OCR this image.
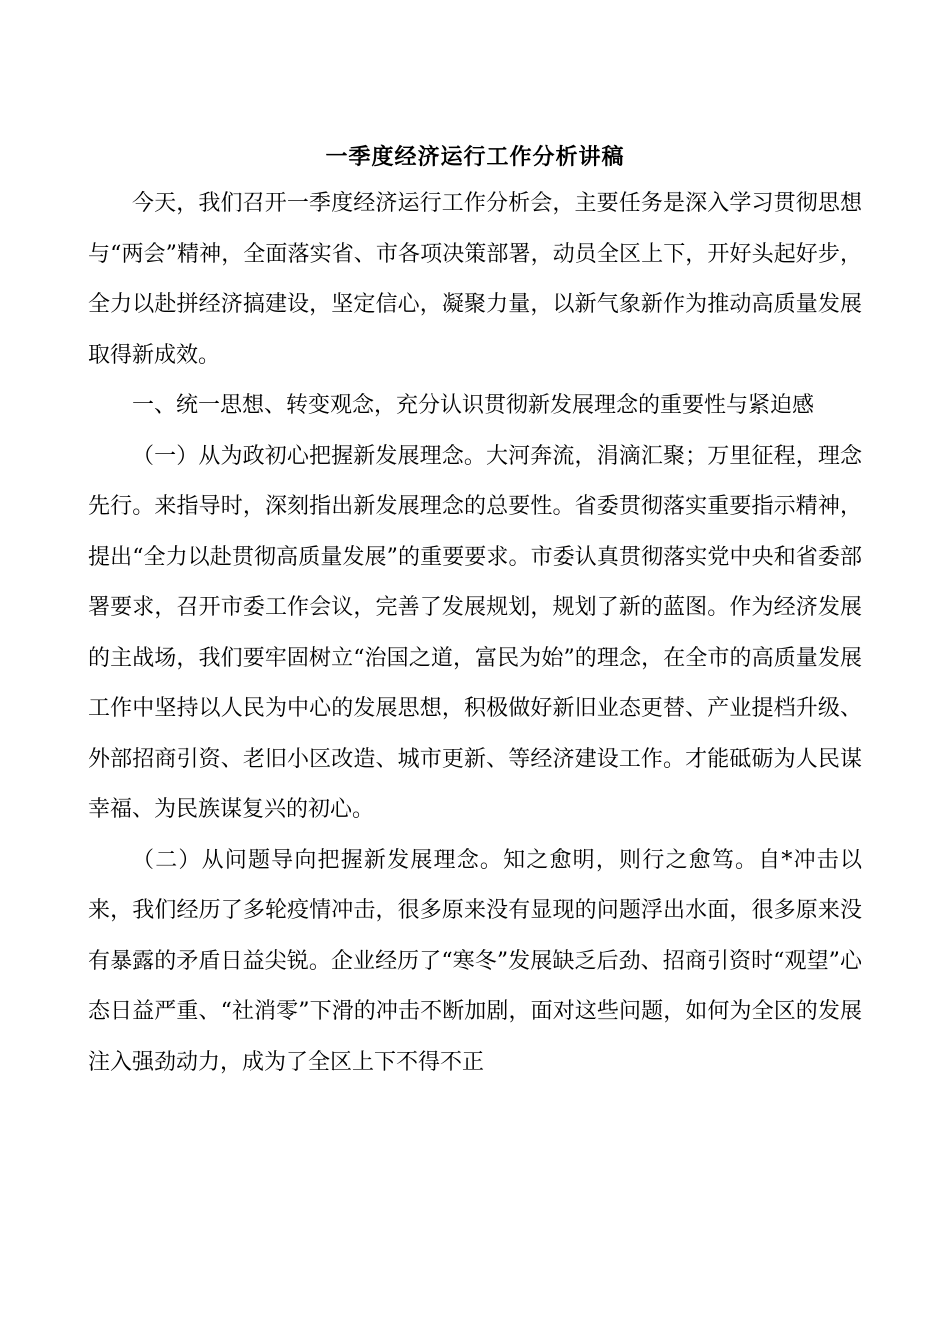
一季度经济运行工作分析讲稿

今天，我们召开一季度经济运行工作分析会，主要任务是深入学习贯彻思想与“两会”精神，全面落实省、市各项决策部署，动员全区上下，开好头起好步，全力以赴拼经济搞建设，坚定信心，凝聚力量，以新气象新作为推动高质量发展取得新成效。

一、统一思想、转变观念，充分认识贯彻新发展理念的重要性与紧迫感

（一）从为政初心把握新发展理念。大河奔流，涓滴汇聚；万里征程，理念先行。来指导时，深刻指出新发展理念的总要性。省委贯彻落实重要指示精神，提出“全力以赴贯彻高质量发展”的重要要求。市委认真贯彻落实党中央和省委部署要求，召开市委工作会议，完善了发展规划，规划了新的蓝图。作为经济发展的主战场，我们要牢固树立“治国之道，富民为始”的理念，在全市的高质量发展工作中坚持以人民为中心的发展思想，积极做好新旧业态更替、产业提档升级、外部招商引资、老旧小区改造、城市更新、等经济建设工作。才能砥砺为人民谋幸福、为民族谋复兴的初心。

（二）从问题导向把握新发展理念。知之愈明，则行之愈笃。自*冲击以来，我们经历了多轮疫情冲击，很多原来没有显现的问题浮出水面，很多原来没有暴露的矛盾日益尖锐。企业经历了“寒冬”发展缺乏后劲、招商引资时“观望”心态日益严重、“社消零”下滑的冲击不断加剧，面对这些问题，如何为全区的发展注入强劲动力，成为了全区上下不得不正
